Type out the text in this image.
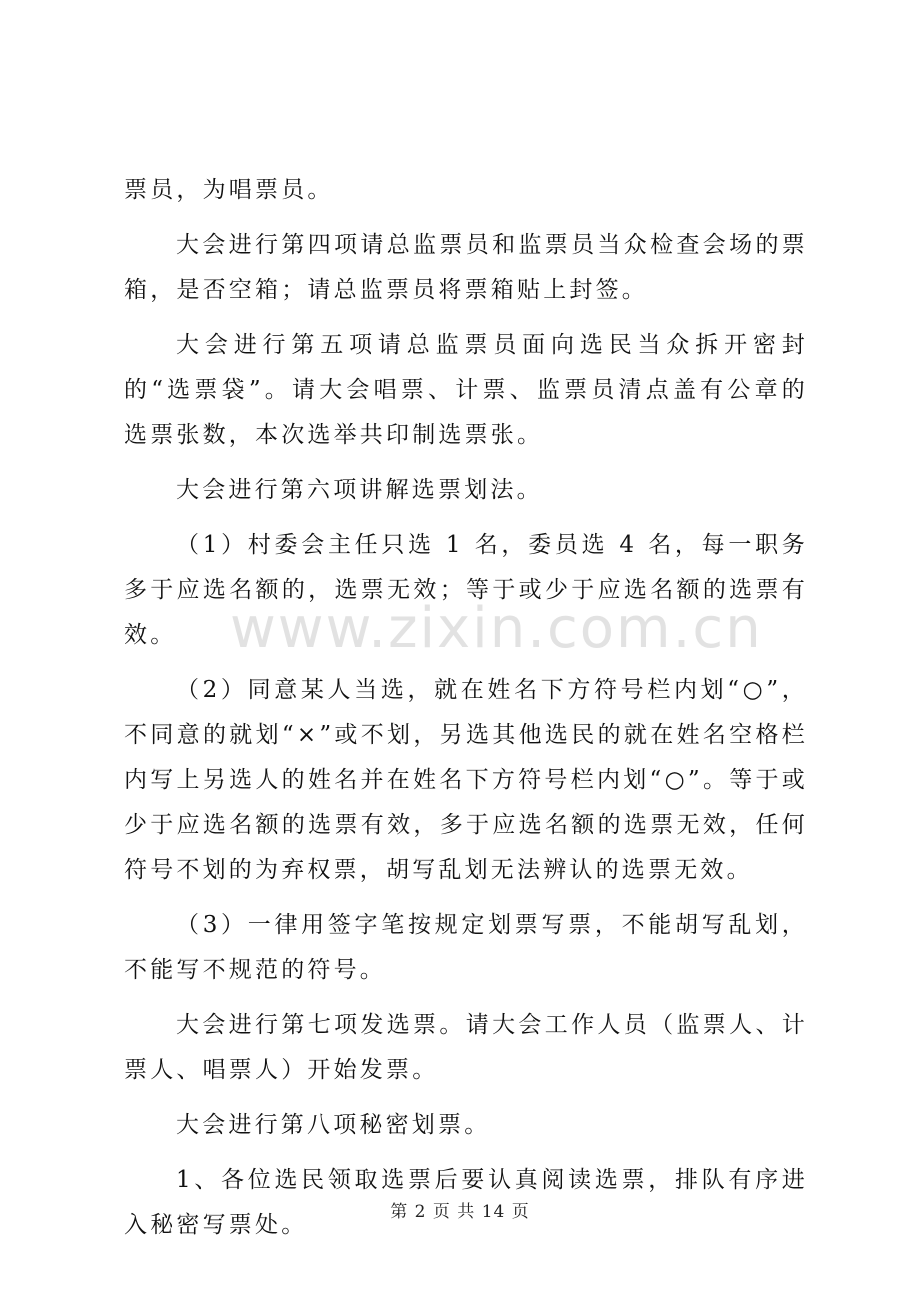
www.zixin.com.cn

票员，为唱票员。

大会进行第四项请总监票员和监票员当众检查会场的票箱，是否空箱；请总监票员将票箱贴上封签。

大会进行第五项请总监票员面向选民当众拆开密封的“选票袋”。请大会唱票、计票、监票员清点盖有公章的选票张数，本次选举共印制选票张。

大会进行第六项讲解选票划法。

（1）村委会主任只选 1 名，委员选 4 名，每一职务多于应选名额的，选票无效；等于或少于应选名额的选票有效。

（2）同意某人当选，就在姓名下方符号栏内划“○”，不同意的就划“×”或不划，另选其他选民的就在姓名空格栏内写上另选人的姓名并在姓名下方符号栏内划“○”。等于或少于应选名额的选票有效，多于应选名额的选票无效，任何符号不划的为弃权票，胡写乱划无法辨认的选票无效。

（3）一律用签字笔按规定划票写票，不能胡写乱划，不能写不规范的符号。

大会进行第七项发选票。请大会工作人员（监票人、计票人、唱票人）开始发票。

大会进行第八项秘密划票。

1、各位选民领取选票后要认真阅读选票，排队有序进入秘密写票处。	第 2 页 共 14 页
